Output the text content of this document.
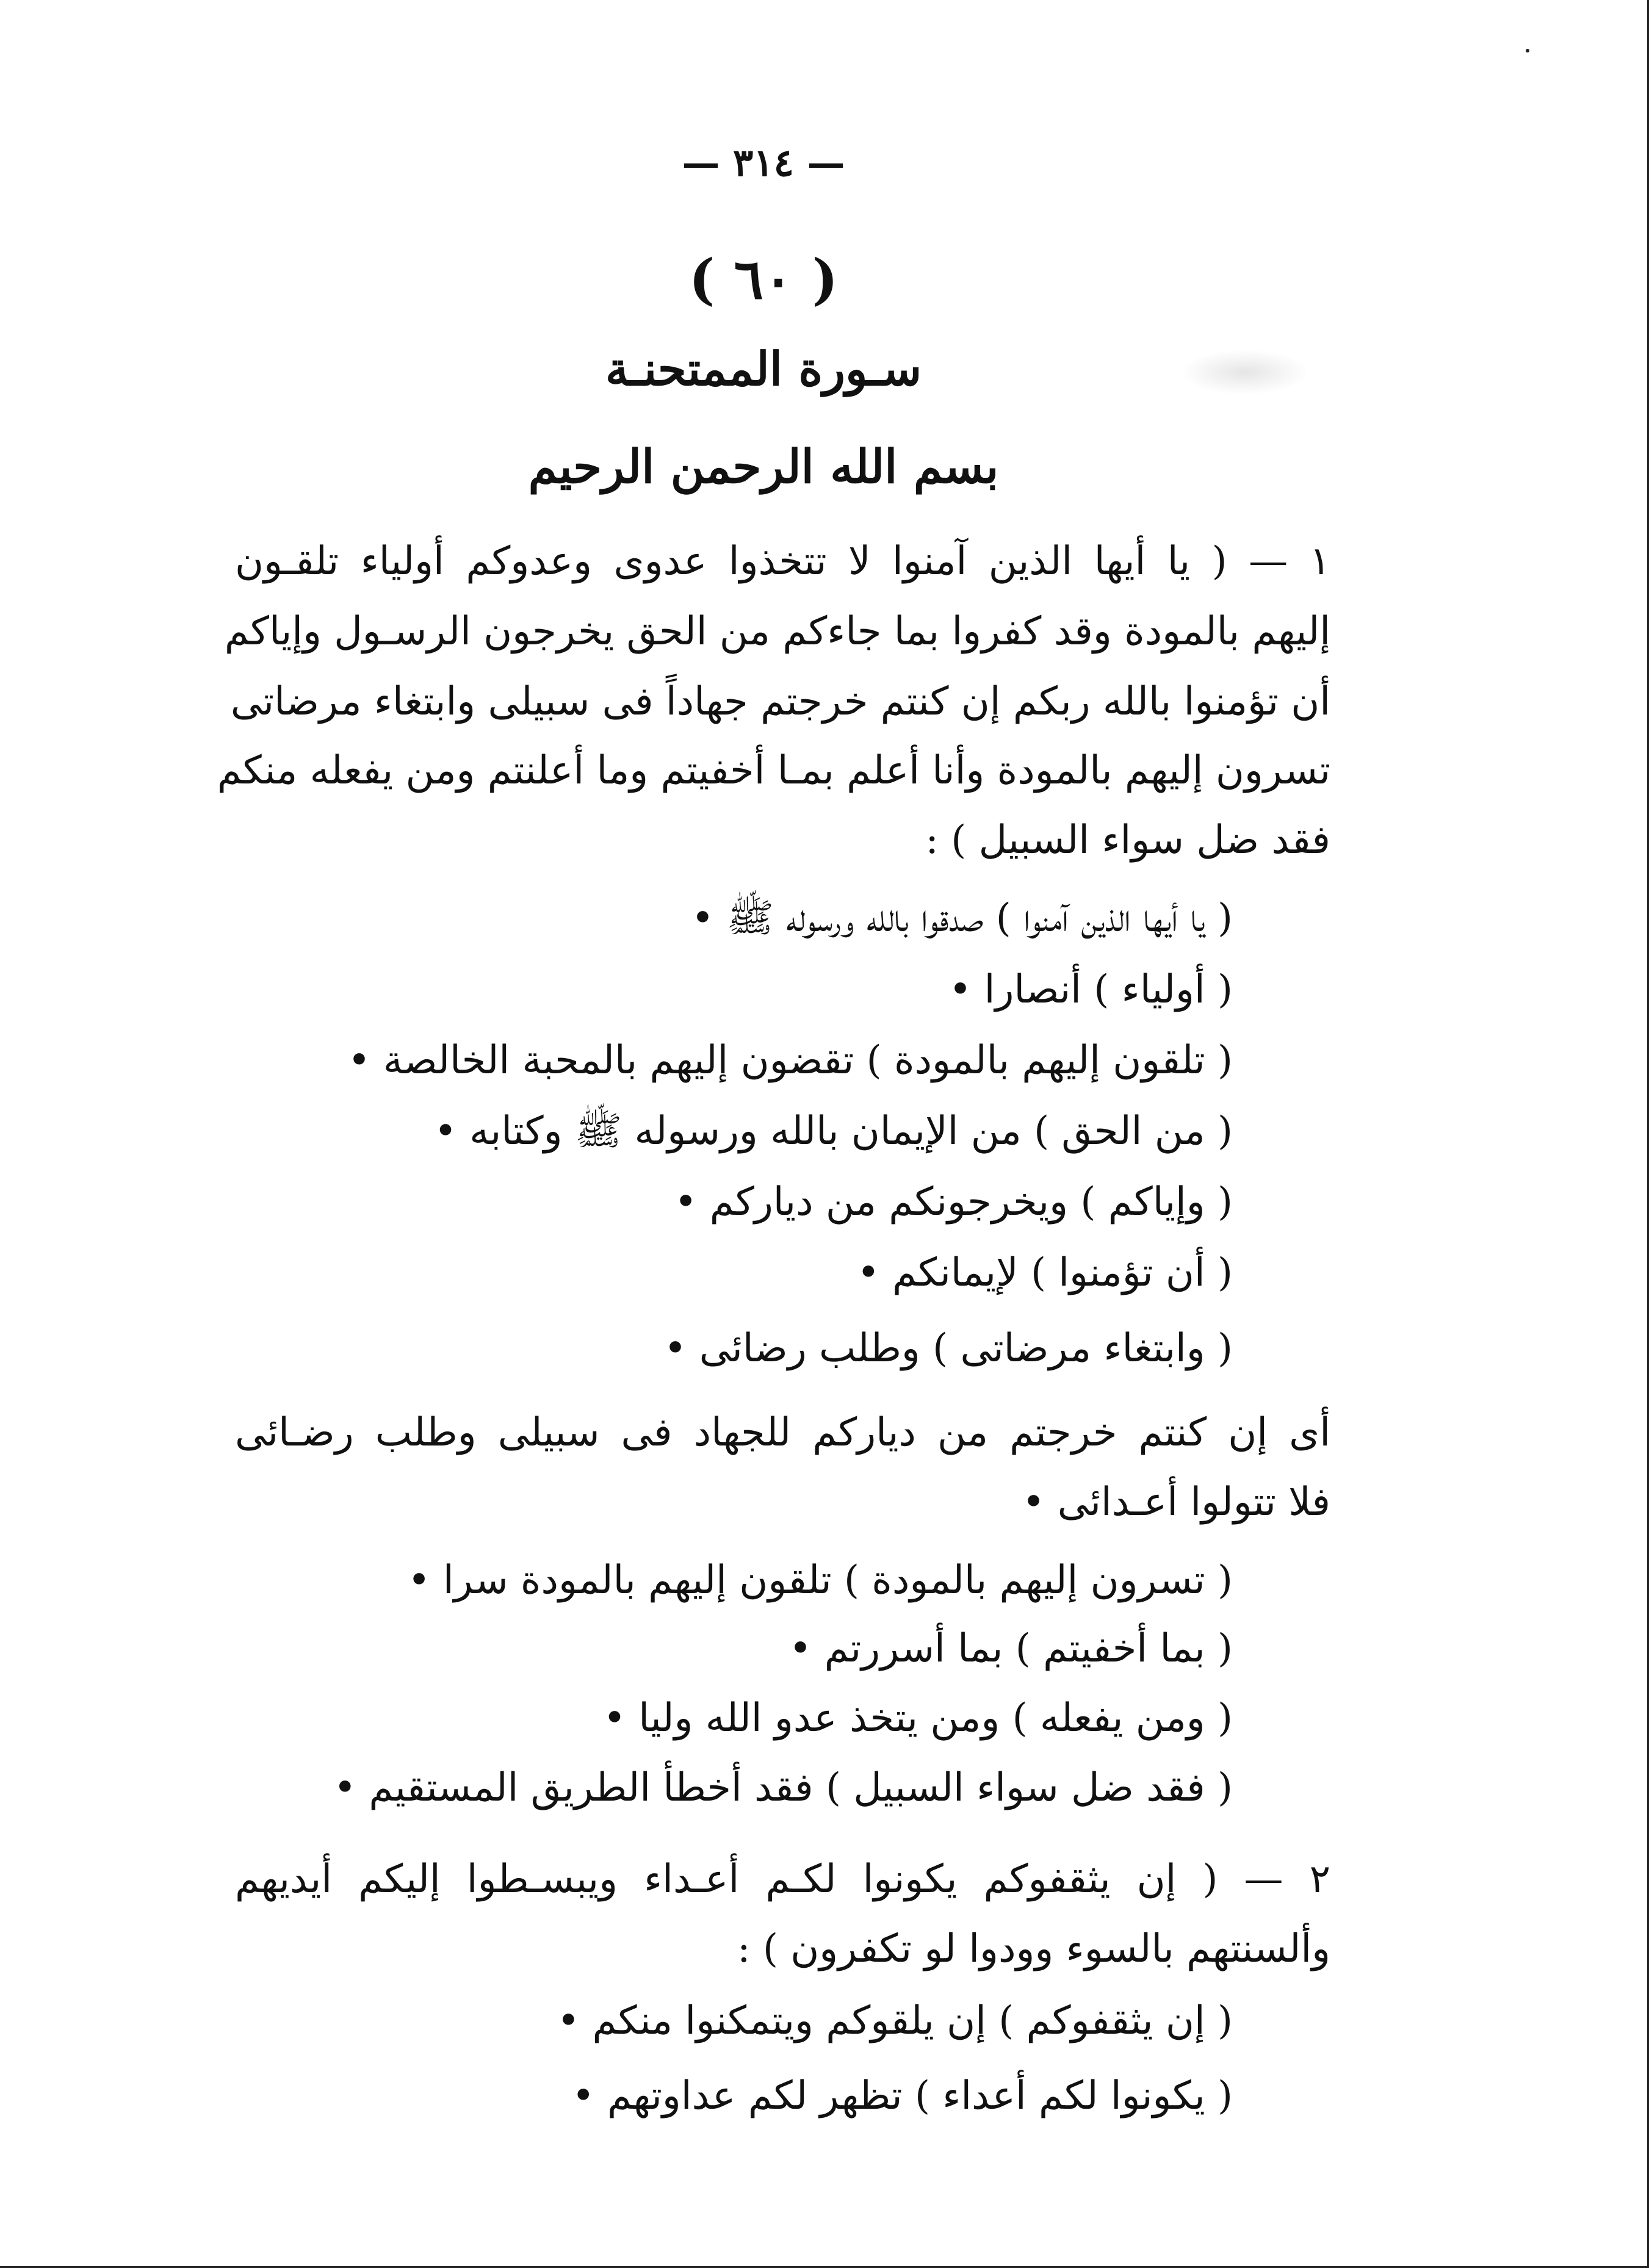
— ٣١٤ —
( ٦٠ )
سـورة الممتحنـة
بسم الله الرحمن الرحيم
١ — ( يا أيها الذين آمنوا لا تتخذوا عدوى وعدوكم أولياء تلقـون
إليهم بالمودة وقد كفروا بما جاءكم من الحق يخرجون الرسـول وإياكم
أن تؤمنوا بالله ربكم إن كنتم خرجتم جهاداً فى سبيلى وابتغاء مرضاتى
تسرون إليهم بالمودة وأنا أعلم بمـا أخفيتم وما أعلنتم ومن يفعله منكم
فقد ضل سواء السبيل ) :
( يا أيها الذين آمنوا ) صدقوا بالله ورسوله ﷺ •
( أولياء ) أنصارا •
( تلقون إليهم بالمودة ) تقضون إليهم بالمحبة الخالصة •
( من الحق ) من الإيمان بالله ورسوله ﷺ وكتابه •
( وإياكم ) ويخرجونكم من دياركم •
( أن تؤمنوا ) لإيمانكم •
( وابتغاء مرضاتى ) وطلب رضائى •
أى إن كنتم خرجتم من دياركم للجهاد فى سبيلى وطلب رضـائى
فلا تتولوا أعـدائى •
( تسرون إليهم بالمودة ) تلقون إليهم بالمودة سرا •
( بما أخفيتم ) بما أسررتم •
( ومن يفعله ) ومن يتخذ عدو الله وليا •
( فقد ضل سواء السبيل ) فقد أخطأ الطريق المستقيم •
٢ — ( إن يثقفوكم يكونوا لكـم أعـداء ويبسـطوا إليكم أيديهم
وألسنتهم بالسوء وودوا لو تكفرون ) :
( إن يثقفوكم ) إن يلقوكم ويتمكنوا منكم •
( يكونوا لكم أعداء ) تظهر لكم عداوتهم •
